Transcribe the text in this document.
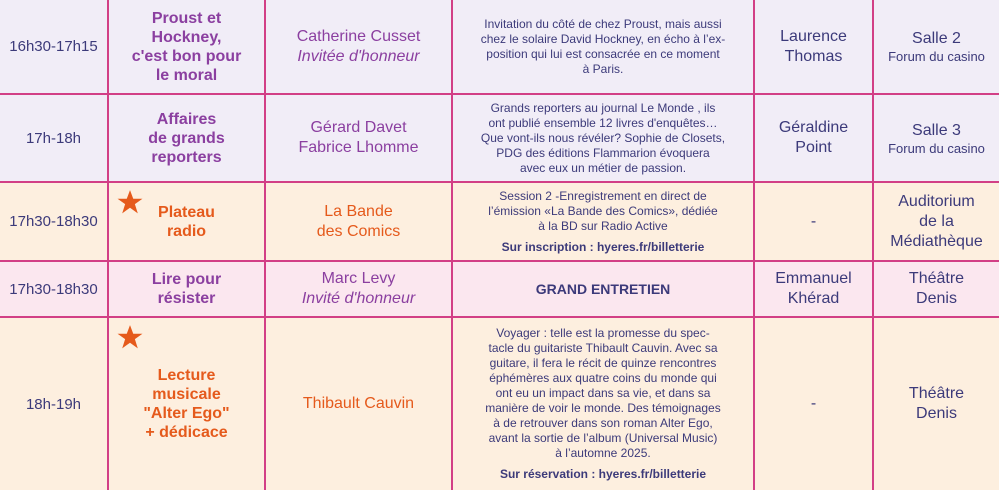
16h30-17h15
Proust et
Hockney,
c'est bon pour
le moral
Catherine Cusset
Invitée d'honneur
Invitation du côté de chez Proust, mais aussi
chez le solaire David Hockney, en écho à l’ex-
position qui lui est consacrée en ce moment
à Paris.
Laurence
Thomas
Salle 2
Forum du casino
17h-18h
Affaires
de grands
reporters
Gérard Davet
Fabrice Lhomme
Grands reporters au journal Le Monde , ils
ont publié ensemble 12 livres d'enquêtes…
Que vont-ils nous révéler? Sophie de Closets,
PDG des éditions Flammarion évoquera
avec eux un métier de passion.
Géraldine
Point
Salle 3
Forum du casino
17h30-18h30
Plateau
radio
La Bande
des Comics
Session 2 -Enregistrement en direct de
l’émission «La Bande des Comics», dédiée
à la BD sur Radio Active
Sur inscription : hyeres.fr/billetterie
-
Auditorium
de la
Médiathèque
17h30-18h30
Lire pour
résister
Marc Levy
Invité d'honneur
GRAND ENTRETIEN
Emmanuel
Khérad
Théâtre
Denis
18h-19h
Lecture
musicale
"Alter Ego"
+ dédicace
Thibault Cauvin
Voyager : telle est la promesse du spec-
tacle du guitariste Thibault Cauvin. Avec sa
guitare, il fera le récit de quinze rencontres
éphémères aux quatre coins du monde qui
ont eu un impact dans sa vie, et dans sa
manière de voir le monde. Des témoignages
à de retrouver dans son roman Alter Ego,
avant la sortie de l’album (Universal Music)
à l’automne 2025.
Sur réservation : hyeres.fr/billetterie
-
Théâtre
Denis
